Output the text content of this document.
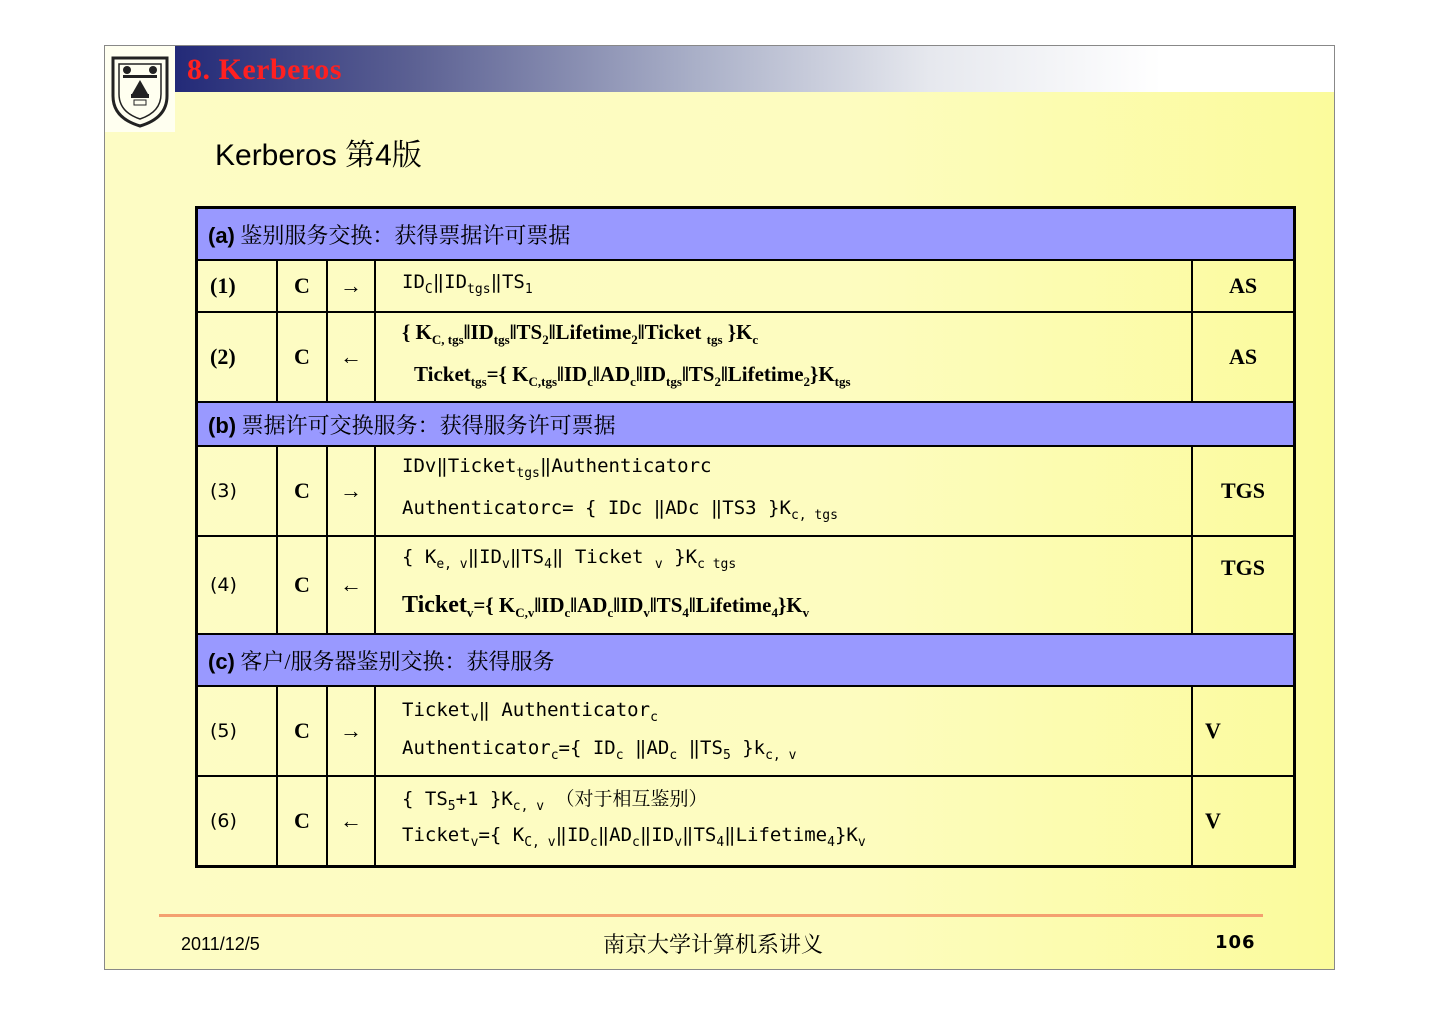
8. Kerberos
Kerberos 第4版
(a) 鉴别服务交换：获得票据许可票据				
(1)	C	→	$ID_C‖ID_{tgs}‖TS_1$	AS
(2)	C	←	{ $K_{C, tgs}‖ID_{tgs}‖TS_2‖Lifetime_2‖Ticket$ $_{tgs}$ }$K_c$
Ticket$_{tgs}$={ $K_{C,tgs}‖ID_c‖AD_c‖ID_{tgs}‖TS_2‖Lifetime_2\}K_{tgs}$	AS
(b) 票据许可交换服务：获得服务许可票据				
(3)	C	→	IDv‖Ticket$_{tgs}$‖Authenticatorc
Authenticatorc= { IDc ‖ADc ‖TS3 }$K_{c, tgs}$	TGS
(4)	C	←	{ $K_{e, v}‖ID_v‖TS_4‖$ Ticket $_v$ }$K_{c tgs}$
Ticket$_v$={ $K_{C,v}‖ID_c‖AD_c‖ID_v‖TS_4‖Lifetime_4\}K_v$	TGS
(c) 客户/服务器鉴别交换：获得服务				
(5)	C	→	Ticket$_v$‖ Authenticator$_c$
Authenticator$_c$={ $ID_c$ $‖AD_c$ $‖TS_5$ }$k_{c, v}$	V
(6)	C	←	{ $TS_5+1$ }$K_{c, v}$ （对于相互鉴别）
Ticket$_v$={ $K_{C, v}‖ID_c‖AD_c‖ID_v‖TS_4‖Lifetime_4\}K_v$	V
2011/12/5	南京大学计算机系讲义	106
